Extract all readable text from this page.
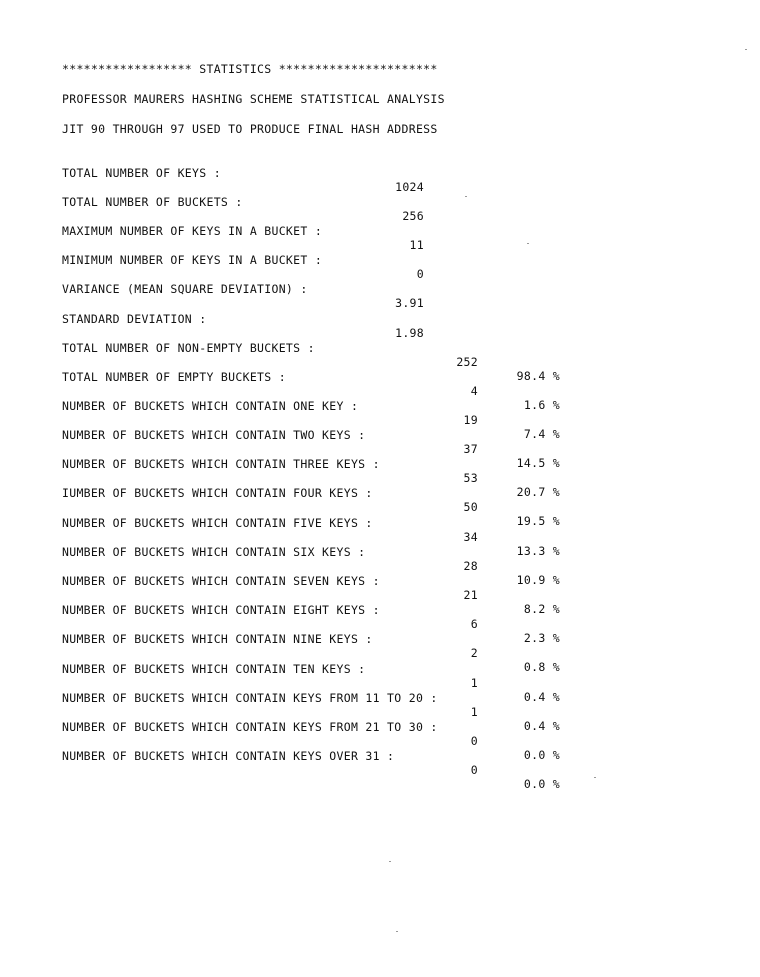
****************** STATISTICS **********************

PROFESSOR MAURERS HASHING SCHEME STATISTICAL ANALYSIS

JIT 90 THROUGH 97 USED TO PRODUCE FINAL HASH ADDRESS

TOTAL NUMBER OF KEYS :

1024

TOTAL NUMBER OF BUCKETS :

256

MAXIMUM NUMBER OF KEYS IN A BUCKET :

11

MINIMUM NUMBER OF KEYS IN A BUCKET :

0

VARIANCE (MEAN SQUARE DEVIATION) :

3.91

STANDARD DEVIATION :

1.98

TOTAL NUMBER OF NON-EMPTY BUCKETS :

252

98.4 %

TOTAL NUMBER OF EMPTY BUCKETS :

4

1.6 %

NUMBER OF BUCKETS WHICH CONTAIN ONE KEY :

19

7.4 %

NUMBER OF BUCKETS WHICH CONTAIN TWO KEYS :

37

14.5 %

NUMBER OF BUCKETS WHICH CONTAIN THREE KEYS :

53

20.7 %

IUMBER OF BUCKETS WHICH CONTAIN FOUR KEYS :

50

19.5 %

NUMBER OF BUCKETS WHICH CONTAIN FIVE KEYS :

34

13.3 %

NUMBER OF BUCKETS WHICH CONTAIN SIX KEYS :

28

10.9 %

NUMBER OF BUCKETS WHICH CONTAIN SEVEN KEYS :

21

8.2 %

NUMBER OF BUCKETS WHICH CONTAIN EIGHT KEYS :

6

2.3 %

NUMBER OF BUCKETS WHICH CONTAIN NINE KEYS :

2

0.8 %

NUMBER OF BUCKETS WHICH CONTAIN TEN KEYS :

1

0.4 %

NUMBER OF BUCKETS WHICH CONTAIN KEYS FROM 11 TO 20 :

1

0.4 %

NUMBER OF BUCKETS WHICH CONTAIN KEYS FROM 21 TO 30 :

0

0.0 %

NUMBER OF BUCKETS WHICH CONTAIN KEYS OVER 31 :

0

0.0 %
